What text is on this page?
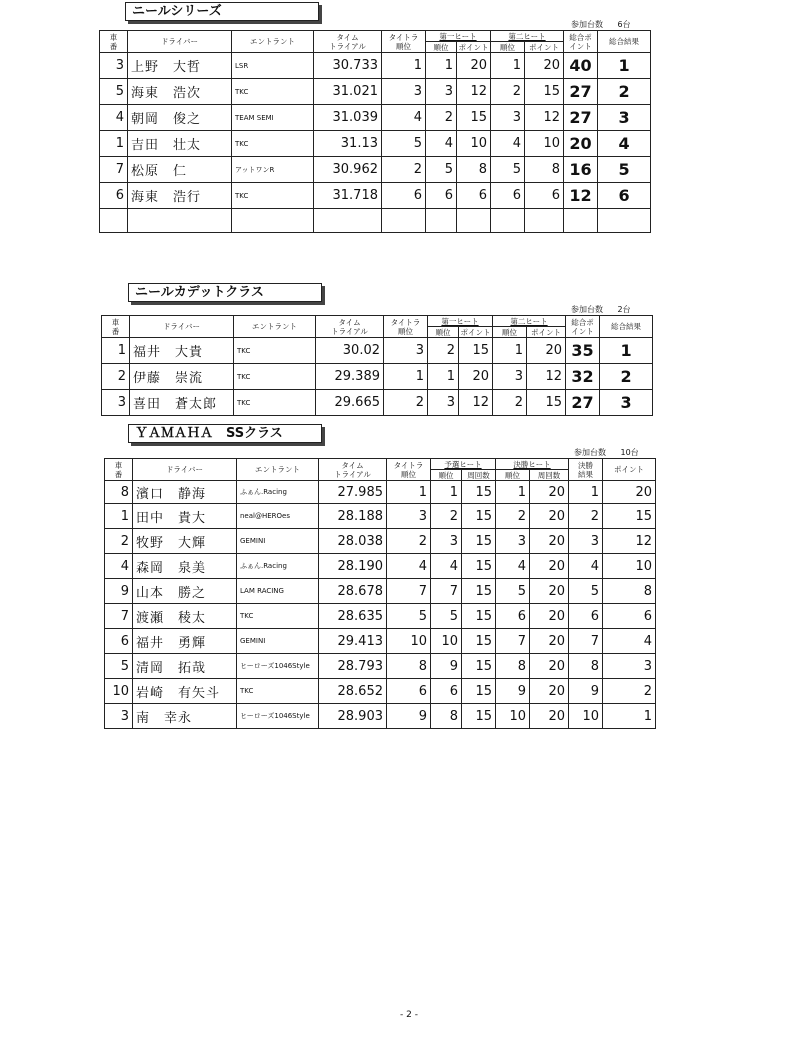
ニールシリーズ
参加台数 6台
車
番	ドライバー	エントラント	タイム
トライアル	タイトラ
順位	第一ヒート		第二ヒート		総合ポ
イント	総合結果
					順位	ポイント	順位	ポイント		
3	上野　大哲	LSR	30.733	1	1	20	1	20	40	1
5	海東　浩次	TKC	31.021	3	3	12	2	15	27	2
4	朝岡　俊之	TEAM SEMI	31.039	4	2	15	3	12	27	3
1	吉田　壮太	TKC	31.13	5	4	10	4	10	20	4
7	松原　仁	アットワンR	30.962	2	5	8	5	8	16	5
6	海東　浩行	TKC	31.718	6	6	6	6	6	12	6

ニールカデットクラス
参加台数 2台
車
番	ドライバー	エントラント	タイム
トライアル	タイトラ
順位	第一ヒート		第二ヒート		総合ポ
イント	総合結果
					順位	ポイント	順位	ポイント		
1	福井　大貴	TKC	30.02	3	2	15	1	20	35	1
2	伊藤　崇流	TKC	29.389	1	1	20	3	12	32	2
3	喜田　蒼太郎	TKC	29.665	2	3	12	2	15	27	3
ＹＡＭＡＨＡ　SSクラス
参加台数 10台
車
番	ドライバー	エントラント	タイム
トライアル	タイトラ
順位	予選ヒート		決勝ヒート		決勝
結果	ポイント
					順位	周回数	順位	周回数		
8	濱口　静海	ふぁん.Racing	27.985	1	1	15	1	20	1	20
1	田中　貴大	neal@HEROes	28.188	3	2	15	2	20	2	15
2	牧野　大輝	GEMINI	28.038	2	3	15	3	20	3	12
4	森岡　泉美	ふぁん.Racing	28.190	4	4	15	4	20	4	10
9	山本　勝之	LAM RACING	28.678	7	7	15	5	20	5	8
7	渡瀬　稜太	TKC	28.635	5	5	15	6	20	6	6
6	福井　勇輝	GEMINI	29.413	10	10	15	7	20	7	4
5	清岡　拓哉	ヒーローズ1046Style	28.793	8	9	15	8	20	8	3
10	岩崎　有矢斗	TKC	28.652	6	6	15	9	20	9	2
3	南　幸永	ヒーローズ1046Style	28.903	9	8	15	10	20	10	1
- 2 -
